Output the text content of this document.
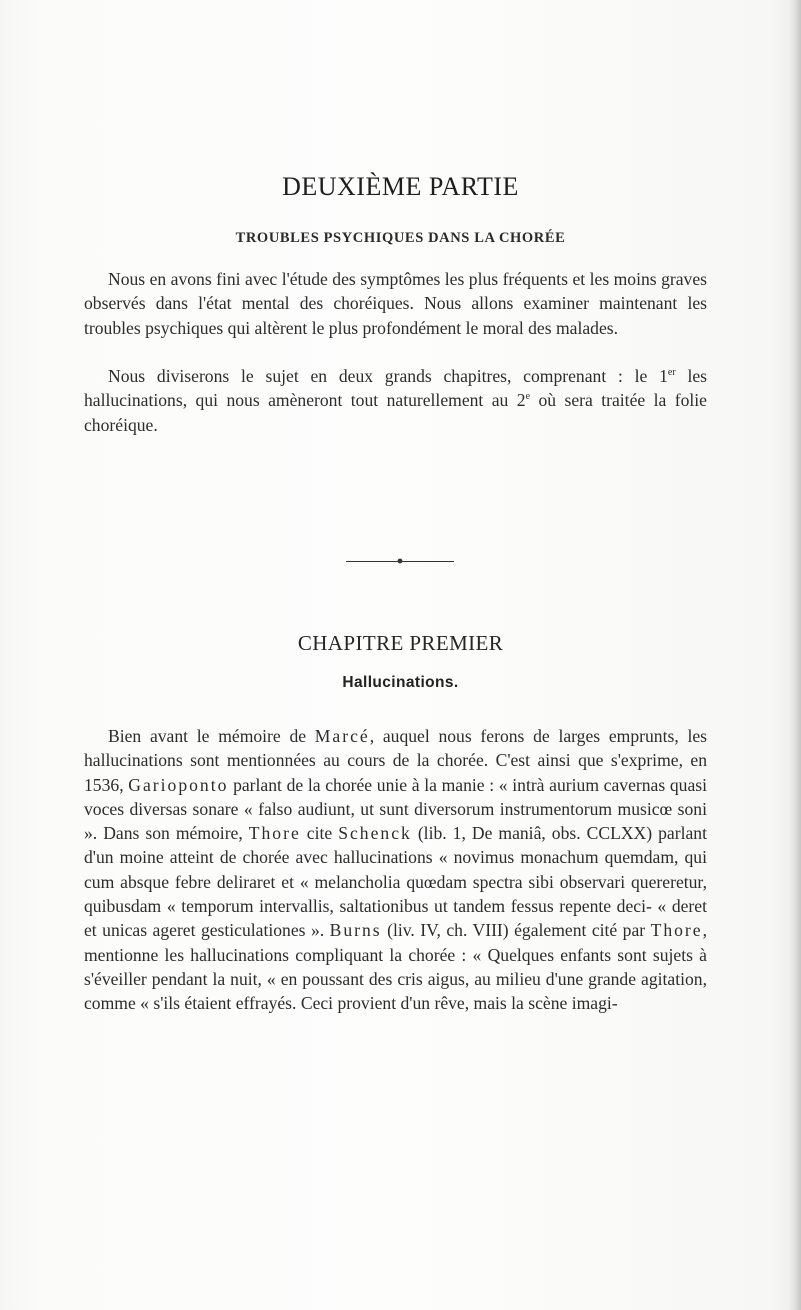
DEUXIÈME PARTIE
TROUBLES PSYCHIQUES DANS LA CHORÉE

Nous en avons fini avec l'étude des symptômes les plus fréquents et les moins graves observés dans l'état mental des choréiques. Nous allons examiner maintenant les troubles psychiques qui altèrent le plus profondément le moral des malades.

Nous diviserons le sujet en deux grands chapitres, comprenant : le 1er les hallucinations, qui nous amèneront tout naturellement au 2e où sera traitée la folie choréique.

CHAPITRE PREMIER
Hallucinations.

Bien avant le mémoire de Marcé, auquel nous ferons de larges emprunts, les hallucinations sont mentionnées au cours de la chorée. C'est ainsi que s'exprime, en 1536, Garioponto parlant de la chorée unie à la manie : « intrà aurium cavernas quasi voces diversas sonare « falso audiunt, ut sunt diversorum instrumentorum musicœ soni ». Dans son mémoire, Thore cite Schenck (lib. 1, De maniâ, obs. CCLXX) parlant d'un moine atteint de chorée avec hallucinations « novimus monachum quemdam, qui cum absque febre deliraret et « melancholia quœdam spectra sibi observari quereretur, quibusdam « temporum intervallis, saltationibus ut tandem fessus repente deci- « deret et unicas ageret gesticulationes ». Burns (liv. IV, ch. VIII) également cité par Thore, mentionne les hallucinations compliquant la chorée : « Quelques enfants sont sujets à s'éveiller pendant la nuit, « en poussant des cris aigus, au milieu d'une grande agitation, comme « s'ils étaient effrayés. Ceci provient d'un rêve, mais la scène imagi-
